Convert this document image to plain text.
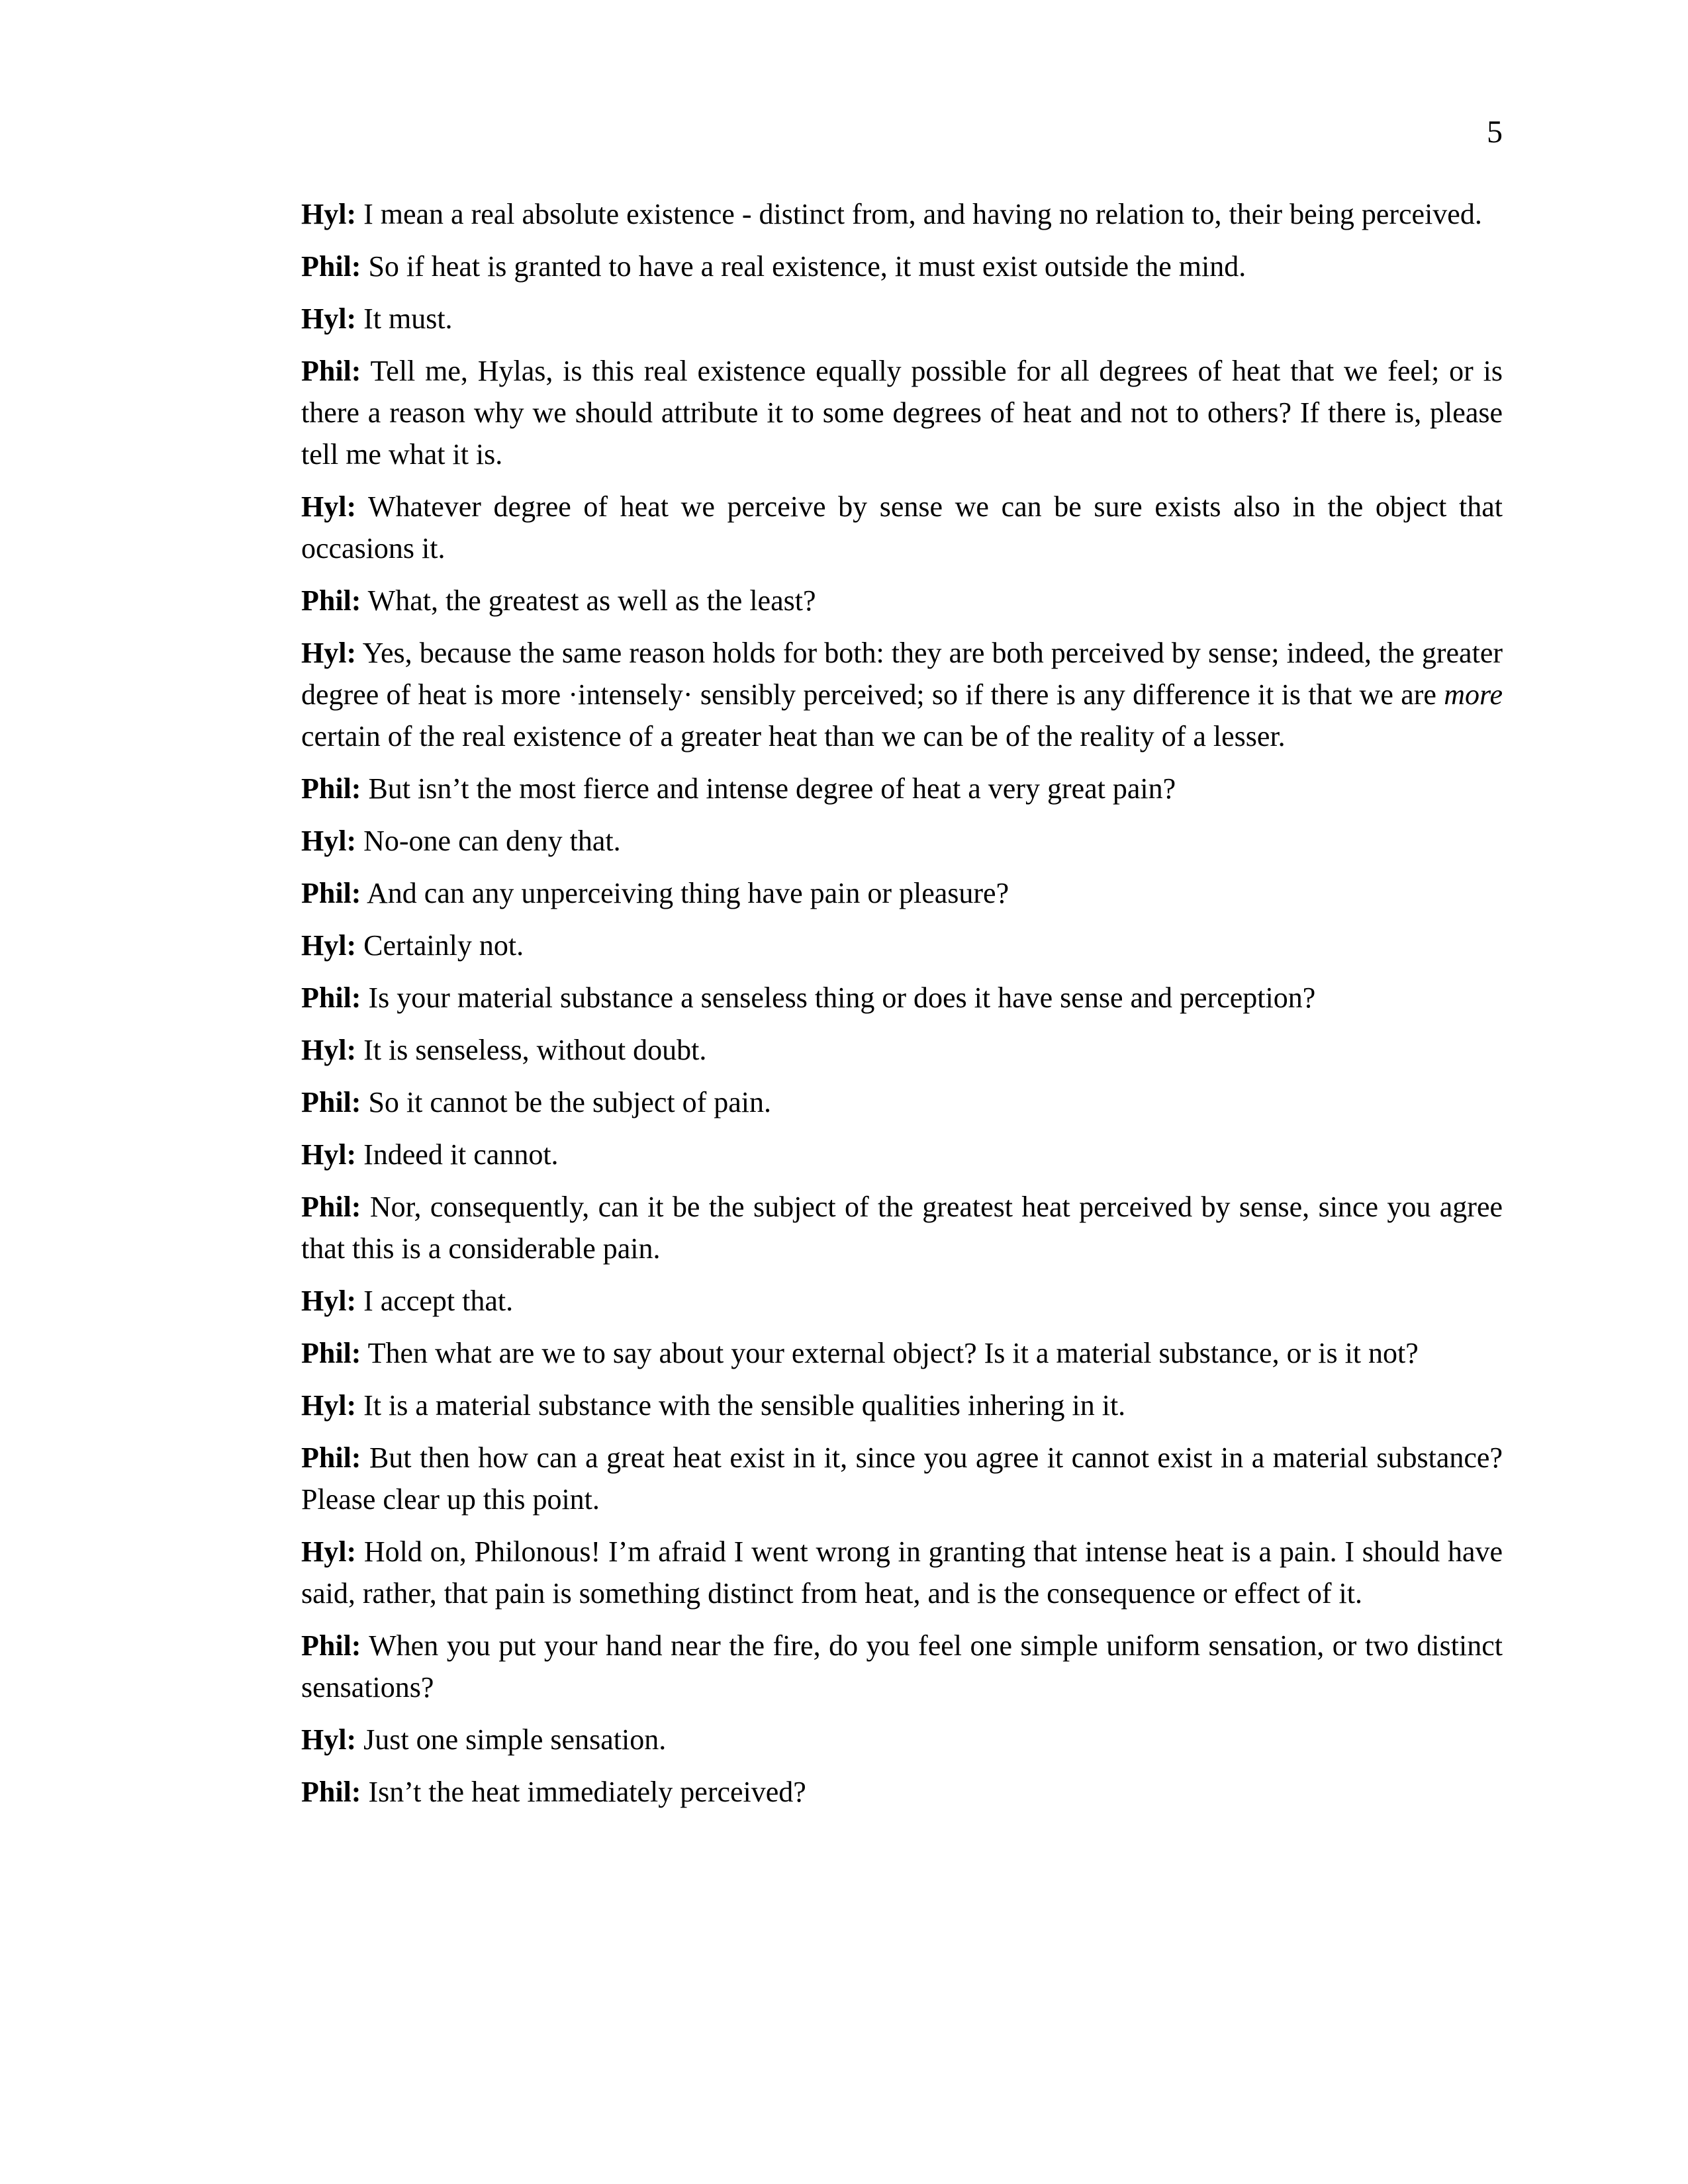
5

Hyl: I mean a real absolute existence - distinct from, and having no relation to, their being perceived.

Phil: So if heat is granted to have a real existence, it must exist outside the mind.

Hyl: It must.

Phil: Tell me, Hylas, is this real existence equally possible for all degrees of heat that we feel; or is there a reason why we should attribute it to some degrees of heat and not to others? If there is, please tell me what it is.

Hyl: Whatever degree of heat we perceive by sense we can be sure exists also in the object that occasions it.

Phil: What, the greatest as well as the least?

Hyl: Yes, because the same reason holds for both: they are both perceived by sense; indeed, the greater degree of heat is more ·intensely· sensibly perceived; so if there is any difference it is that we are more certain of the real existence of a greater heat than we can be of the reality of a lesser.

Phil: But isn’t the most fierce and intense degree of heat a very great pain?

Hyl: No-one can deny that.

Phil: And can any unperceiving thing have pain or pleasure?

Hyl: Certainly not.

Phil: Is your material substance a senseless thing or does it have sense and perception?

Hyl: It is senseless, without doubt.

Phil: So it cannot be the subject of pain.

Hyl: Indeed it cannot.

Phil: Nor, consequently, can it be the subject of the greatest heat perceived by sense, since you agree that this is a considerable pain.

Hyl: I accept that.

Phil: Then what are we to say about your external object? Is it a material substance, or is it not?

Hyl: It is a material substance with the sensible qualities inhering in it.

Phil: But then how can a great heat exist in it, since you agree it cannot exist in a material substance? Please clear up this point.

Hyl: Hold on, Philonous! I’m afraid I went wrong in granting that intense heat is a pain. I should have said, rather, that pain is something distinct from heat, and is the consequence or effect of it.

Phil: When you put your hand near the fire, do you feel one simple uniform sensation, or two distinct sensations?

Hyl: Just one simple sensation.

Phil: Isn’t the heat immediately perceived?
